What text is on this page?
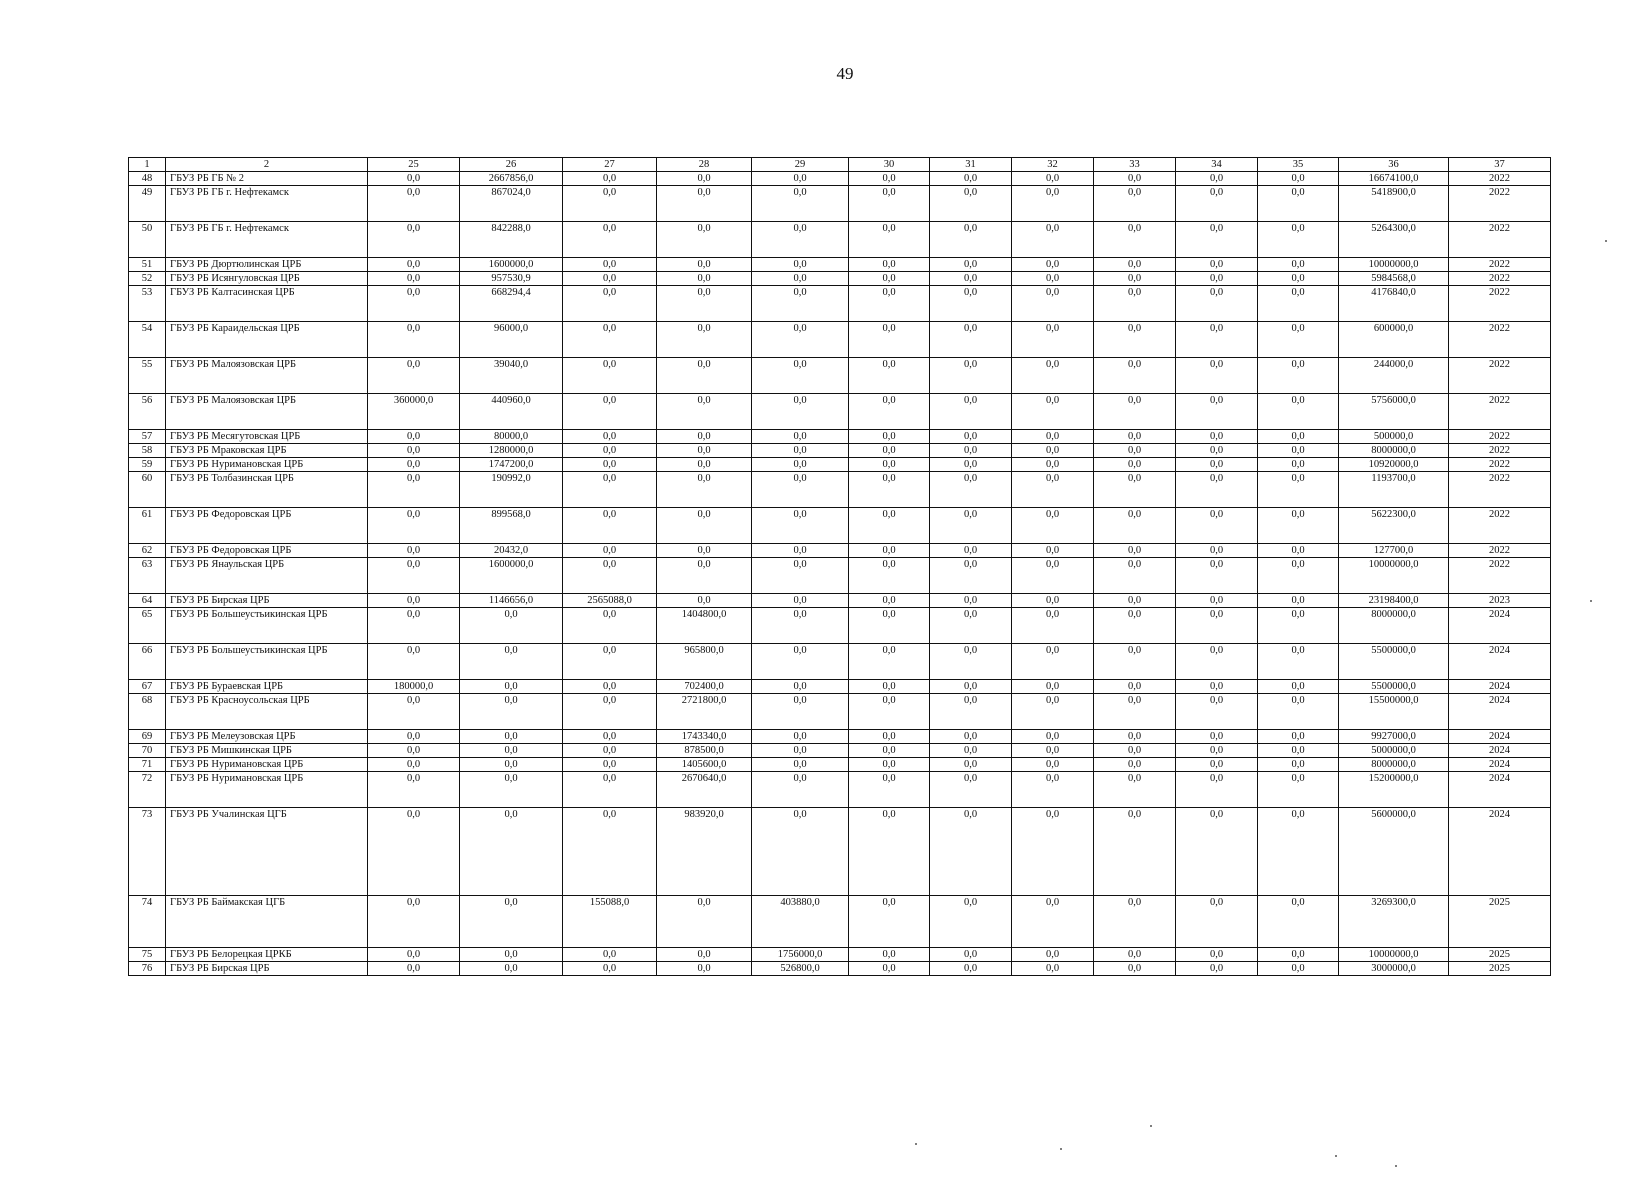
49
1	2	25	26	27	28	29	30	31	32	33	34	35	36	37
48	ГБУЗ РБ ГБ № 2	0,0	2667856,0	0,0	0,0	0,0	0,0	0,0	0,0	0,0	0,0	0,0	16674100,0	2022
49	ГБУЗ РБ ГБ г. Нефтекамск	0,0	867024,0	0,0	0,0	0,0	0,0	0,0	0,0	0,0	0,0	0,0	5418900,0	2022
50	ГБУЗ РБ ГБ г. Нефтекамск	0,0	842288,0	0,0	0,0	0,0	0,0	0,0	0,0	0,0	0,0	0,0	5264300,0	2022
51	ГБУЗ РБ Дюртюлинская ЦРБ	0,0	1600000,0	0,0	0,0	0,0	0,0	0,0	0,0	0,0	0,0	0,0	10000000,0	2022
52	ГБУЗ РБ Исянгуловская ЦРБ	0,0	957530,9	0,0	0,0	0,0	0,0	0,0	0,0	0,0	0,0	0,0	5984568,0	2022
53	ГБУЗ РБ Калтасинская ЦРБ	0,0	668294,4	0,0	0,0	0,0	0,0	0,0	0,0	0,0	0,0	0,0	4176840,0	2022
54	ГБУЗ РБ Караидельская ЦРБ	0,0	96000,0	0,0	0,0	0,0	0,0	0,0	0,0	0,0	0,0	0,0	600000,0	2022
55	ГБУЗ РБ Малоязовская ЦРБ	0,0	39040,0	0,0	0,0	0,0	0,0	0,0	0,0	0,0	0,0	0,0	244000,0	2022
56	ГБУЗ РБ Малоязовская ЦРБ	360000,0	440960,0	0,0	0,0	0,0	0,0	0,0	0,0	0,0	0,0	0,0	5756000,0	2022
57	ГБУЗ РБ Месягутовская ЦРБ	0,0	80000,0	0,0	0,0	0,0	0,0	0,0	0,0	0,0	0,0	0,0	500000,0	2022
58	ГБУЗ РБ Мраковская ЦРБ	0,0	1280000,0	0,0	0,0	0,0	0,0	0,0	0,0	0,0	0,0	0,0	8000000,0	2022
59	ГБУЗ РБ Нуримановская ЦРБ	0,0	1747200,0	0,0	0,0	0,0	0,0	0,0	0,0	0,0	0,0	0,0	10920000,0	2022
60	ГБУЗ РБ Толбазинская ЦРБ	0,0	190992,0	0,0	0,0	0,0	0,0	0,0	0,0	0,0	0,0	0,0	1193700,0	2022
61	ГБУЗ РБ Федоровская ЦРБ	0,0	899568,0	0,0	0,0	0,0	0,0	0,0	0,0	0,0	0,0	0,0	5622300,0	2022
62	ГБУЗ РБ Федоровская ЦРБ	0,0	20432,0	0,0	0,0	0,0	0,0	0,0	0,0	0,0	0,0	0,0	127700,0	2022
63	ГБУЗ РБ Янаульская ЦРБ	0,0	1600000,0	0,0	0,0	0,0	0,0	0,0	0,0	0,0	0,0	0,0	10000000,0	2022
64	ГБУЗ РБ Бирская ЦРБ	0,0	1146656,0	2565088,0	0,0	0,0	0,0	0,0	0,0	0,0	0,0	0,0	23198400,0	2023
65	ГБУЗ РБ Большеустьикинская ЦРБ	0,0	0,0	0,0	1404800,0	0,0	0,0	0,0	0,0	0,0	0,0	0,0	8000000,0	2024
66	ГБУЗ РБ Большеустьикинская ЦРБ	0,0	0,0	0,0	965800,0	0,0	0,0	0,0	0,0	0,0	0,0	0,0	5500000,0	2024
67	ГБУЗ РБ Бураевская ЦРБ	180000,0	0,0	0,0	702400,0	0,0	0,0	0,0	0,0	0,0	0,0	0,0	5500000,0	2024
68	ГБУЗ РБ Красноусольская ЦРБ	0,0	0,0	0,0	2721800,0	0,0	0,0	0,0	0,0	0,0	0,0	0,0	15500000,0	2024
69	ГБУЗ РБ Мелеузовская ЦРБ	0,0	0,0	0,0	1743340,0	0,0	0,0	0,0	0,0	0,0	0,0	0,0	9927000,0	2024
70	ГБУЗ РБ Мишкинская ЦРБ	0,0	0,0	0,0	878500,0	0,0	0,0	0,0	0,0	0,0	0,0	0,0	5000000,0	2024
71	ГБУЗ РБ Нуримановская ЦРБ	0,0	0,0	0,0	1405600,0	0,0	0,0	0,0	0,0	0,0	0,0	0,0	8000000,0	2024
72	ГБУЗ РБ Нуримановская ЦРБ	0,0	0,0	0,0	2670640,0	0,0	0,0	0,0	0,0	0,0	0,0	0,0	15200000,0	2024
73	ГБУЗ РБ Учалинская ЦГБ	0,0	0,0	0,0	983920,0	0,0	0,0	0,0	0,0	0,0	0,0	0,0	5600000,0	2024
74	ГБУЗ РБ Баймакская ЦГБ	0,0	0,0	155088,0	0,0	403880,0	0,0	0,0	0,0	0,0	0,0	0,0	3269300,0	2025
75	ГБУЗ РБ Белорецкая ЦРКБ	0,0	0,0	0,0	0,0	1756000,0	0,0	0,0	0,0	0,0	0,0	0,0	10000000,0	2025
76	ГБУЗ РБ Бирская ЦРБ	0,0	0,0	0,0	0,0	526800,0	0,0	0,0	0,0	0,0	0,0	0,0	3000000,0	2025
